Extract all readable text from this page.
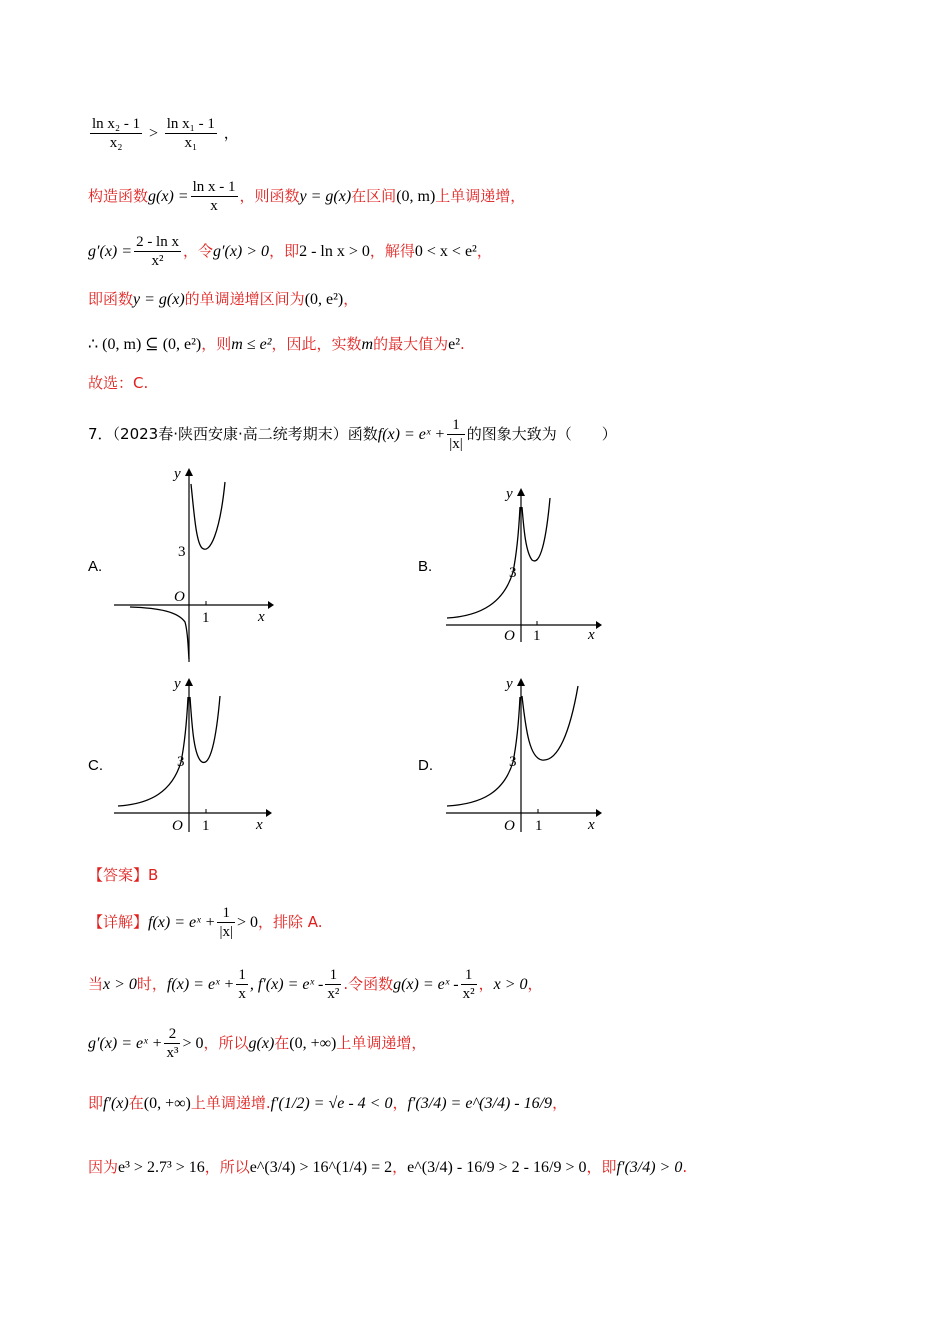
$\frac{\text{ln x₂ - 1}}{\text{x₂}} > \frac{\text{ln x₁ - 1}}{\text{x₁}}$ ，
构造函数$g(x) = \frac{\text{ln x - 1}}{x}$ ，则函数y = g(x)在区间(0, m)上单调递增，
$g'(x) = \frac{\text{2 - ln x}}{\text{x²}}$ ，令g′(x) > 0，即2 - ln x > 0，解得0 < x < e²，
即函数y = g(x)的单调递增区间为(0, e²)，
∴ (0, m) ⊆ (0, e²)，则m ≤ e²，因此，实数m的最大值为e².
故选：C.
7．（2023春·陕西安康·高二统考期末）函数f(x) = eˣ + $\frac{1}{|x|}$ 的图象大致为（　　）
A.	B.
C.	D.
y
x
O
1
3
y
x
O 1
3
y
x
O 1
3
y
x
O 1
3
【答案】B
【详解】f(x) = eˣ + $\frac{1}{|x|} > 0$，排除 A.
当x > 0时，f(x) = eˣ + $\frac{1}{x}$ , f′(x) = eˣ - $\frac{1}{\text{x²}}$ .令函数g(x) = eˣ - $\frac{1}{\text{x²}}$ ，x > 0，
g′(x) = eˣ + $\frac{2}{\text{x³}} > 0$，所以g(x)在(0, +∞)上单调递增，
即f′(x)在(0, +∞)上单调递增.f′(1/2) = √e - 4 < 0，f′(3/4) = e^(3/4) - 16/9，
因为e³ > 2.7³ > 16，所以e^(3/4) > 16^(1/4) = 2，e^(3/4) - 16/9 > 2 - 16/9 > 0，即f′(3/4) > 0.
